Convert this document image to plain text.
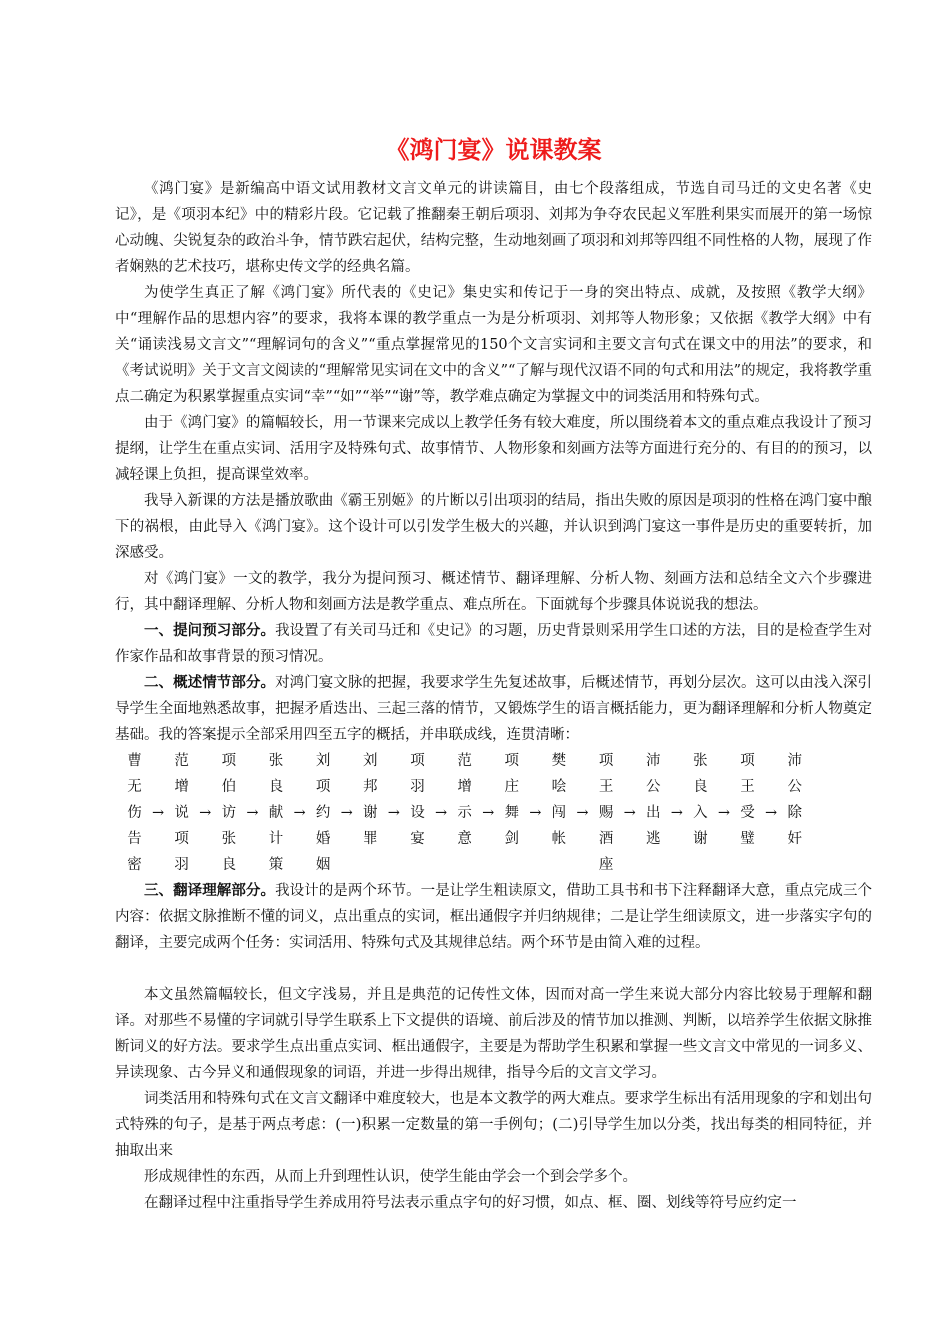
《鸿门宴》说课教案

《鸿门宴》是新编高中语文试用教材文言文单元的讲读篇目，由七个段落组成，节选自司马迁的文史名著《史记》，是《项羽本纪》中的精彩片段。它记载了推翻秦王朝后项羽、刘邦为争夺农民起义军胜利果实而展开的第一场惊心动魄、尖锐复杂的政治斗争，情节跌宕起伏，结构完整，生动地刻画了项羽和刘邦等四组不同性格的人物，展现了作者娴熟的艺术技巧，堪称史传文学的经典名篇。

为使学生真正了解《鸿门宴》所代表的《史记》集史实和传记于一身的突出特点、成就，及按照《教学大纲》中“理解作品的思想内容”的要求，我将本课的教学重点一为是分析项羽、刘邦等人物形象；又依据《教学大纲》中有关“诵读浅易文言文”“理解词句的含义”“重点掌握常见的150个文言实词和主要文言句式在课文中的用法”的要求，和《考试说明》关于文言文阅读的“理解常见实词在文中的含义”“了解与现代汉语不同的句式和用法”的规定，我将教学重点二确定为积累掌握重点实词“幸”“如”“举”“谢”等，教学难点确定为掌握文中的词类活用和特殊句式。

由于《鸿门宴》的篇幅较长，用一节课来完成以上教学任务有较大难度，所以围绕着本文的重点难点我设计了预习提纲，让学生在重点实词、活用字及特殊句式、故事情节、人物形象和刻画方法等方面进行充分的、有目的的预习，以减轻课上负担，提高课堂效率。

我导入新课的方法是播放歌曲《霸王别姬》的片断以引出项羽的结局，指出失败的原因是项羽的性格在鸿门宴中酿下的祸根，由此导入《鸿门宴》。这个设计可以引发学生极大的兴趣，并认识到鸿门宴这一事件是历史的重要转折，加深感受。

对《鸿门宴》一文的教学，我分为提问预习、概述情节、翻译理解、分析人物、刻画方法和总结全文六个步骤进行，其中翻译理解、分析人物和刻画方法是教学重点、难点所在。下面就每个步骤具体说说我的想法。

一、提问预习部分。我设置了有关司马迁和《史记》的习题，历史背景则采用学生口述的方法，目的是检查学生对作家作品和故事背景的预习情况。

二、概述情节部分。对鸿门宴文脉的把握，我要求学生先复述故事，后概述情节，再划分层次。这可以由浅入深引导学生全面地熟悉故事，把握矛盾迭出、三起三落的情节，又锻炼学生的语言概括能力，更为翻译理解和分析人物奠定基础。我的答案提示全部采用四至五字的概括，并串联成线，连贯清晰：

曹		范		项		张		刘		刘		项		范		项		樊		项		沛		张		项		沛
无		增		伯		良		项		邦		羽		增		庄		哙		王		公		良		王		公
伤	→	说	→	访	→	献	→	约	→	谢	→	设	→	示	→	舞	→	闯	→	赐	→	出	→	入	→	受	→	除
告		项		张		计		婚		罪		宴		意		剑		帐		酒		逃		谢		璧		奸
密		羽		良		策		姻												座								

三、翻译理解部分。我设计的是两个环节。一是让学生粗读原文，借助工具书和书下注释翻译大意，重点完成三个内容：依据文脉推断不懂的词义，点出重点的实词，框出通假字并归纳规律；二是让学生细读原文，进一步落实字句的翻译，主要完成两个任务：实词活用、特殊句式及其规律总结。两个环节是由简入难的过程。

本文虽然篇幅较长，但文字浅易，并且是典范的记传性文体，因而对高一学生来说大部分内容比较易于理解和翻译。对那些不易懂的字词就引导学生联系上下文提供的语境、前后涉及的情节加以推测、判断，以培养学生依据文脉推断词义的好方法。要求学生点出重点实词、框出通假字，主要是为帮助学生积累和掌握一些文言文中常见的一词多义、异读现象、古今异义和通假现象的词语，并进一步得出规律，指导今后的文言文学习。

词类活用和特殊句式在文言文翻译中难度较大，也是本文教学的两大难点。要求学生标出有活用现象的字和划出句式特殊的句子，是基于两点考虑：(一)积累一定数量的第一手例句；(二)引导学生加以分类，找出每类的相同特征，并抽取出来

形成规律性的东西，从而上升到理性认识，使学生能由学会一个到会学多个。

在翻译过程中注重指导学生养成用符号法表示重点字句的好习惯，如点、框、圈、划线等符号应约定一
